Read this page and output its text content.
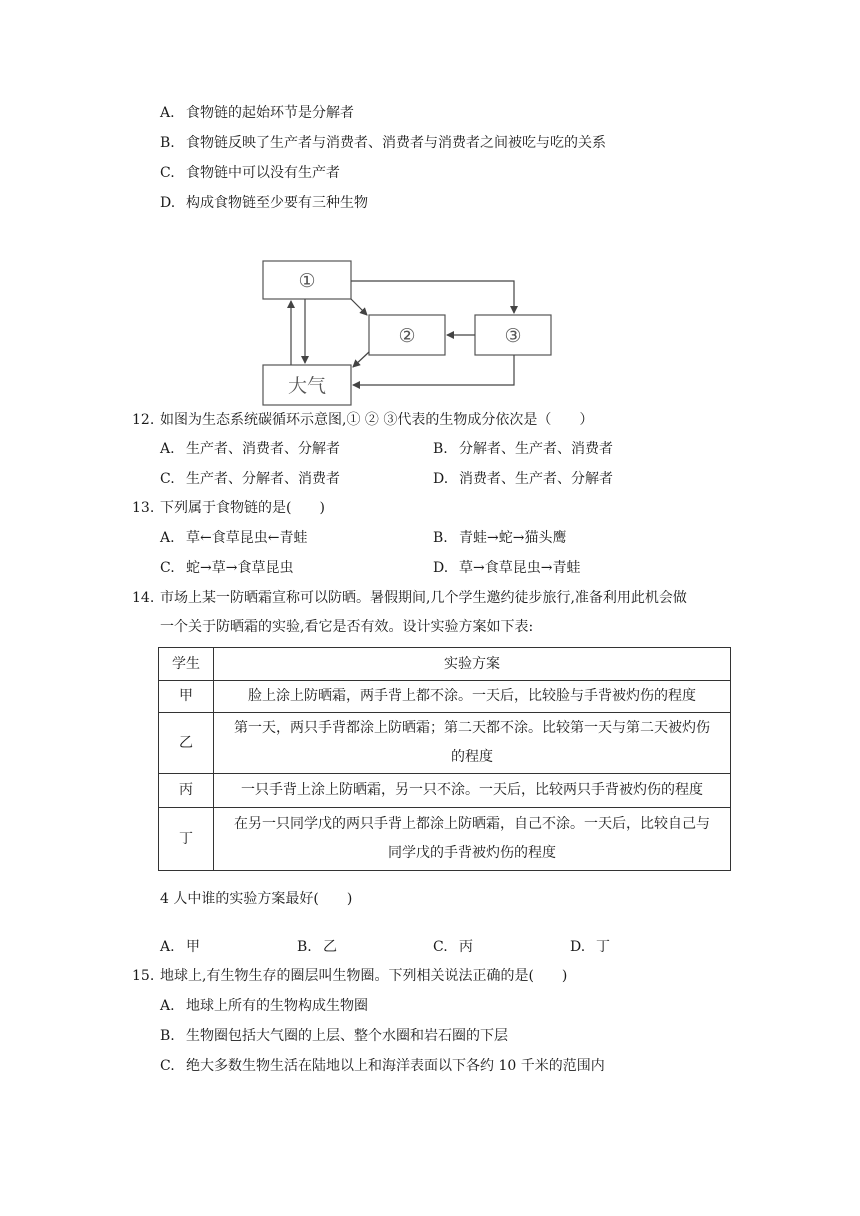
A. 食物链的起始环节是分解者
B. 食物链反映了生产者与消费者、消费者与消费者之间被吃与吃的关系
C. 食物链中可以没有生产者
D. 构成食物链至少要有三种生物
①
②	③
大气
12. 如图为生态系统碳循环示意图,① ② ③代表的生物成分依次是（　　）
A. 生产者、消费者、分解者	B. 分解者、生产者、消费者
C. 生产者、分解者、消费者	D. 消费者、生产者、分解者
13. 下列属于食物链的是(　　)
A. 草←食草昆虫←青蛙	B. 青蛙→蛇→猫头鹰
C. 蛇→草→食草昆虫	D. 草→食草昆虫→青蛙
14. 市场上某一防晒霜宣称可以防晒。暑假期间,几个学生邀约徒步旅行,准备利用此机会做
一个关于防晒霜的实验,看它是否有效。设计实验方案如下表:
学生	实验方案
甲	脸上涂上防晒霜，两手背上都不涂。一天后，比较脸与手背被灼伤的程度
乙	第一天，两只手背都涂上防晒霜；第二天都不涂。比较第一天与第二天被灼伤
的程度

丙	一只手背上涂上防晒霜，另一只不涂。一天后，比较两只手背被灼伤的程度
丁	在另一只同学戊的两只手背上都涂上防晒霜，自己不涂。一天后，比较自己与
同学戊的手背被灼伤的程度
4 人中谁的实验方案最好(　　)
A. 甲	B. 乙	C. 丙	D. 丁
15. 地球上,有生物生存的圈层叫生物圈。下列相关说法正确的是(　　)
A. 地球上所有的生物构成生物圈
B. 生物圈包括大气圈的上层、整个水圈和岩石圈的下层
C. 绝大多数生物生活在陆地以上和海洋表面以下各约 10 千米的范围内
